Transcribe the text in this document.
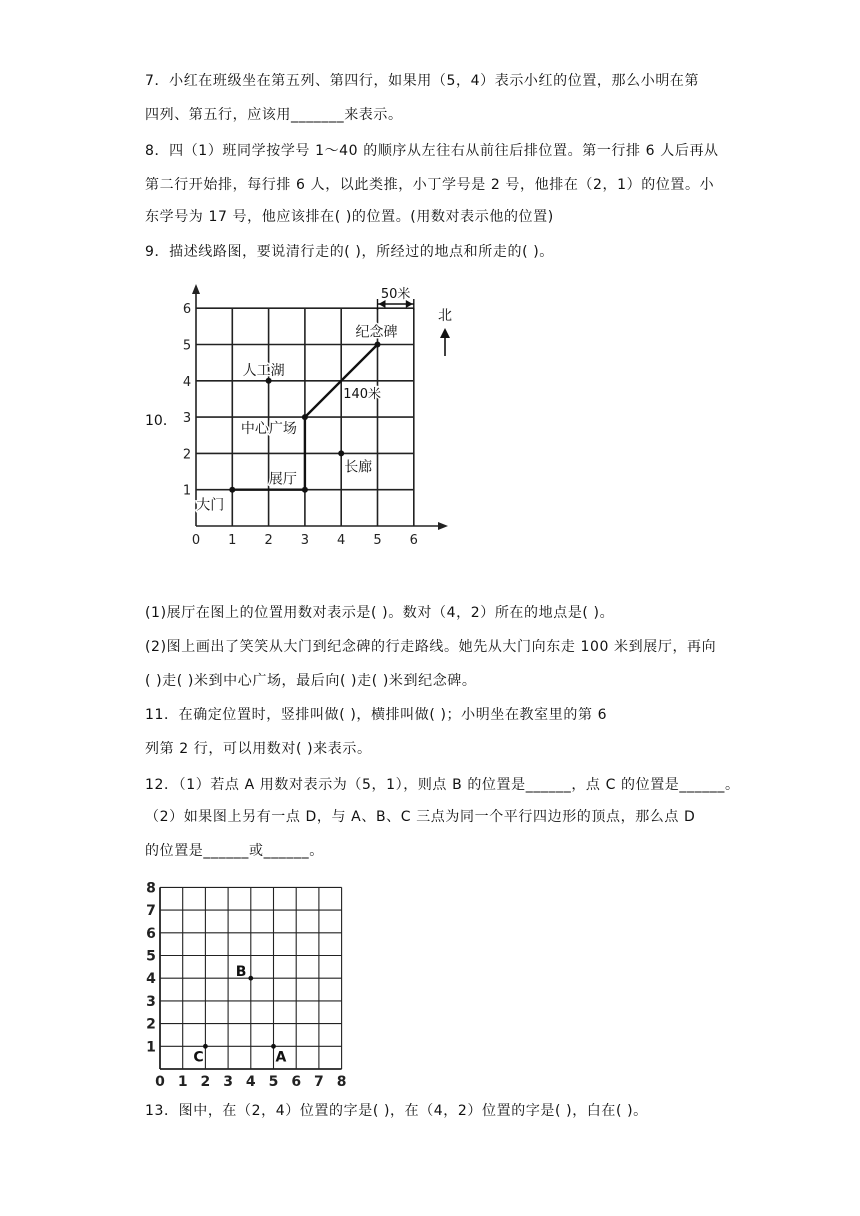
7．小红在班级坐在第五列、第四行，如果用（5，4）表示小红的位置，那么小明在第
四列、第五行，应该用_______来表示。
8．四（1）班同学按学号 1～40 的顺序从左往右从前往后排位置。第一行排 6 人后再从
第二行开始排，每行排 6 人，以此类推，小丁学号是 2 号，他排在（2，1）的位置。小
东学号为 17 号，他应该排在( )的位置。(用数对表示他的位置)
9．描述线路图，要说清行走的( )，所经过的地点和所走的( )。
(1)展厅在图上的位置用数对表示是( )。数对（4，2）所在的地点是( )。
(2)图上画出了笑笑从大门到纪念碑的行走路线。她先从大门向东走 100 米到展厅，再向
( )走( )米到中心广场，最后向( )走( )米到纪念碑。
11．在确定位置时，竖排叫做( )，横排叫做( )；小明坐在教室里的第 6
列第 2 行，可以用数对( )来表示。
12．（1）若点 A 用数对表示为（5，1），则点 B 的位置是______，点 C 的位置是______。
（2）如果图上另有一点 D，与 A、B、C 三点为同一个平行四边形的顶点，那么点 D
的位置是______或______。
13．图中，在（2，4）位置的字是( )，在（4，2）位置的字是( )，白在( )。
10．
0 1 2 3 4 5 6
1
2
3
4
5
6
大门
展厅
中心广场
长廊
人工湖
纪念碑
140米
50米
北
0 1 2 3 4 5 6 7 8
1
2
3
4
5
6
7
8
B
C	A
